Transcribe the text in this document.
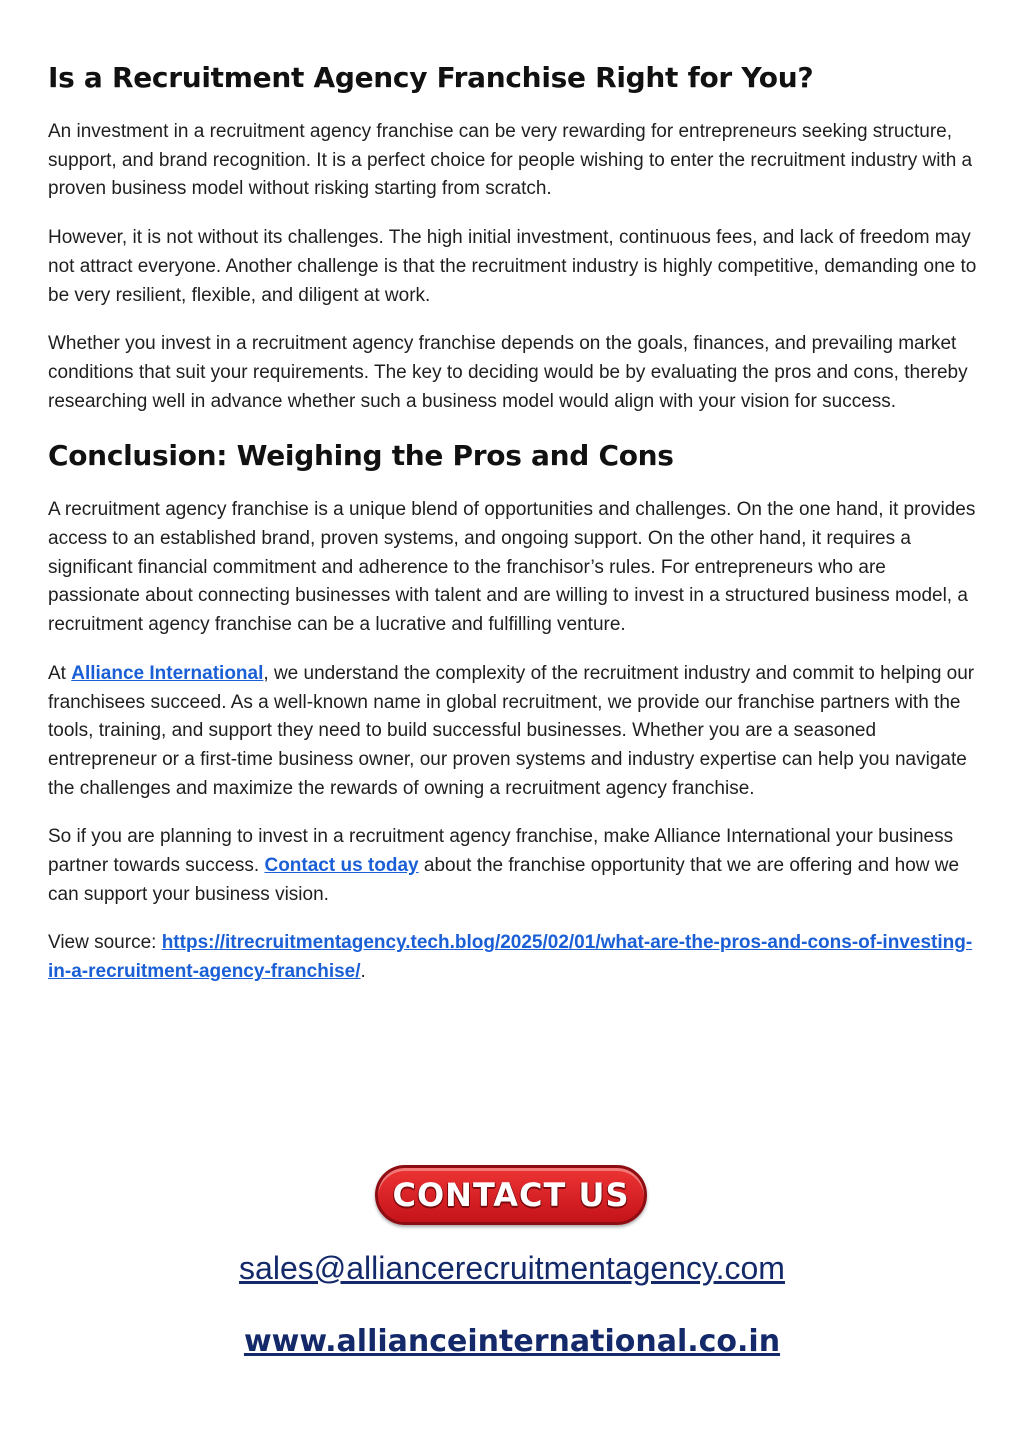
Is a Recruitment Agency Franchise Right for You?

An investment in a recruitment agency franchise can be very rewarding for entrepreneurs seeking structure, support, and brand recognition. It is a perfect choice for people wishing to enter the recruitment industry with a proven business model without risking starting from scratch.

However, it is not without its challenges. The high initial investment, continuous fees, and lack of freedom may not attract everyone. Another challenge is that the recruitment industry is highly competitive, demanding one to be very resilient, flexible, and diligent at work.

Whether you invest in a recruitment agency franchise depends on the goals, finances, and prevailing market conditions that suit your requirements. The key to deciding would be by evaluating the pros and cons, thereby researching well in advance whether such a business model would align with your vision for success.

Conclusion: Weighing the Pros and Cons

A recruitment agency franchise is a unique blend of opportunities and challenges. On the one hand, it provides access to an established brand, proven systems, and ongoing support. On the other hand, it requires a significant financial commitment and adherence to the franchisor’s rules. For entrepreneurs who are passionate about connecting businesses with talent and are willing to invest in a structured business model, a recruitment agency franchise can be a lucrative and fulfilling venture.

At Alliance International, we understand the complexity of the recruitment industry and commit to helping our franchisees succeed. As a well-known name in global recruitment, we provide our franchise partners with the tools, training, and support they need to build successful businesses. Whether you are a seasoned entrepreneur or a first-time business owner, our proven systems and industry expertise can help you navigate the challenges and maximize the rewards of owning a recruitment agency franchise.

So if you are planning to invest in a recruitment agency franchise, make Alliance International your business partner towards success. Contact us today about the franchise opportunity that we are offering and how we can support your business vision.

View source: https://itrecruitmentagency.tech.blog/2025/02/01/what-are-the-pros-and-cons-of-investing-in-a-recruitment-agency-franchise/.

CONTACT US
sales@alliancerecruitmentagency.com
www.allianceinternational.co.in
